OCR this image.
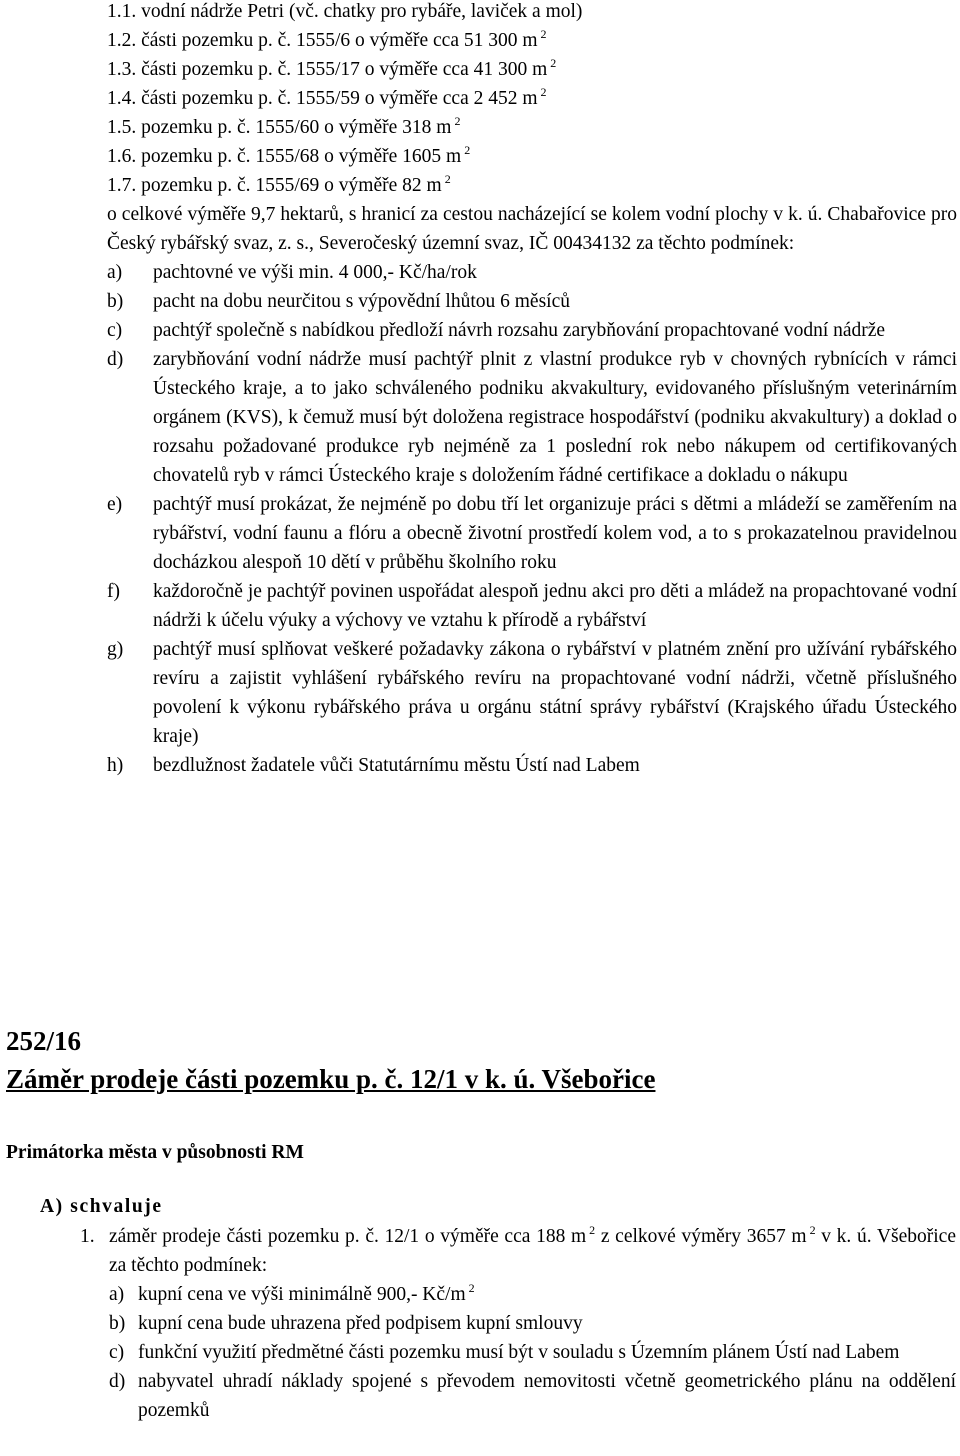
1.1. vodní nádrže Petri (vč. chatky pro rybáře, laviček a mol)

1.2. části pozemku p. č. 1555/6 o výměře cca 51 300 m $^2$

1.3. části pozemku p. č. 1555/17 o výměře cca 41 300 m $^2$

1.4. části pozemku p. č. 1555/59 o výměře cca 2 452 m $^2$

1.5. pozemku p. č. 1555/60 o výměře 318 m $^2$

1.6. pozemku p. č. 1555/68 o výměře 1605 m $^2$

1.7. pozemku p. č. 1555/69 o výměře 82 m $^2$

o celkové výměře 9,7 hektarů, s hranicí za cestou nacházející se kolem vodní plochy v k. ú. Chabařovice pro Český rybářský svaz, z. s., Severočeský územní svaz, IČ 00434132 za těchto podmínek:

a) pachtovné ve výši min. 4 000,- Kč/ha/rok

b) pacht na dobu neurčitou s výpovědní lhůtou 6 měsíců

c) pachtýř společně s nabídkou předloží návrh rozsahu zarybňování propachtované vodní nádrže

d) zarybňování vodní nádrže musí pachtýř plnit z vlastní produkce ryb v chovných rybnících v rámci Ústeckého kraje, a to jako schváleného podniku akvakultury, evidovaného příslušným veterinárním orgánem (KVS), k čemuž musí být doložena registrace hospodářství (podniku akvakultury) a doklad o rozsahu požadované produkce ryb nejméně za 1 poslední rok nebo nákupem od certifikovaných chovatelů ryb v rámci Ústeckého kraje s doložením řádné certifikace a dokladu o nákupu

e) pachtýř musí prokázat, že nejméně po dobu tří let organizuje práci s dětmi a mládeží se zaměřením na rybářství, vodní faunu a flóru a obecně životní prostředí kolem vod, a to s prokazatelnou pravidelnou docházkou alespoň 10 dětí v průběhu školního roku

f) každoročně je pachtýř povinen uspořádat alespoň jednu akci pro děti a mládež na propachtované vodní nádrži k účelu výuky a výchovy ve vztahu k přírodě a rybářství

g) pachtýř musí splňovat veškeré požadavky zákona o rybářství v platném znění pro užívání rybářského revíru a zajistit vyhlášení rybářského revíru na propachtované vodní nádrži, včetně příslušného povolení k výkonu rybářského práva u orgánu státní správy rybářství (Krajského úřadu Ústeckého kraje)

h) bezdlužnost žadatele vůči Statutárnímu městu Ústí nad Labem

252/16

Záměr prodeje části pozemku p. č. 12/1 v k. ú. Všebořice

Primátorka města v působnosti RM

A) schvaluje

1. záměr prodeje části pozemku p. č. 12/1 o výměře cca 188 m $^2$ z celkové výměry 3657 m $^2$ v k. ú. Všebořice za těchto podmínek:

a) kupní cena ve výši minimálně 900,- Kč/m $^2$

b) kupní cena bude uhrazena před podpisem kupní smlouvy

c) funkční využití předmětné části pozemku musí být v souladu s Územním plánem Ústí nad Labem

d) nabyvatel uhradí náklady spojené s převodem nemovitosti včetně geometrického plánu na oddělení pozemků
